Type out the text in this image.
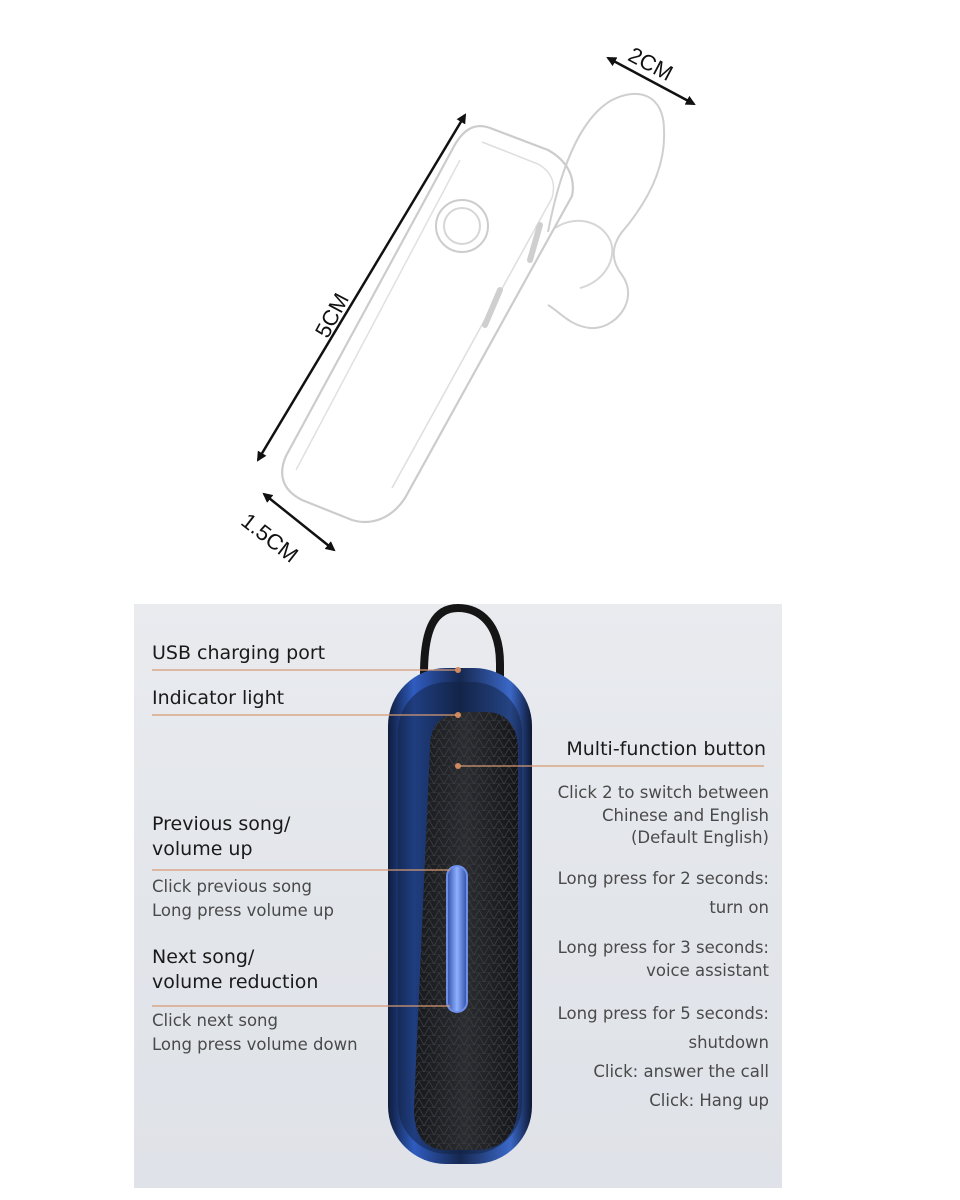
2CM
5CM
1.5CM
USB charging port
Indicator light
Previous song/
volume up
Click previous song
Long press volume up
Next song/
volume reduction
Click next song
Long press volume down
Multi-function button
Click 2 to switch between
Chinese and English
(Default English)
Long press for 2 seconds:
turn on
Long press for 3 seconds:
voice assistant
Long press for 5 seconds:
shutdown
Click: answer the call
Click: Hang up
